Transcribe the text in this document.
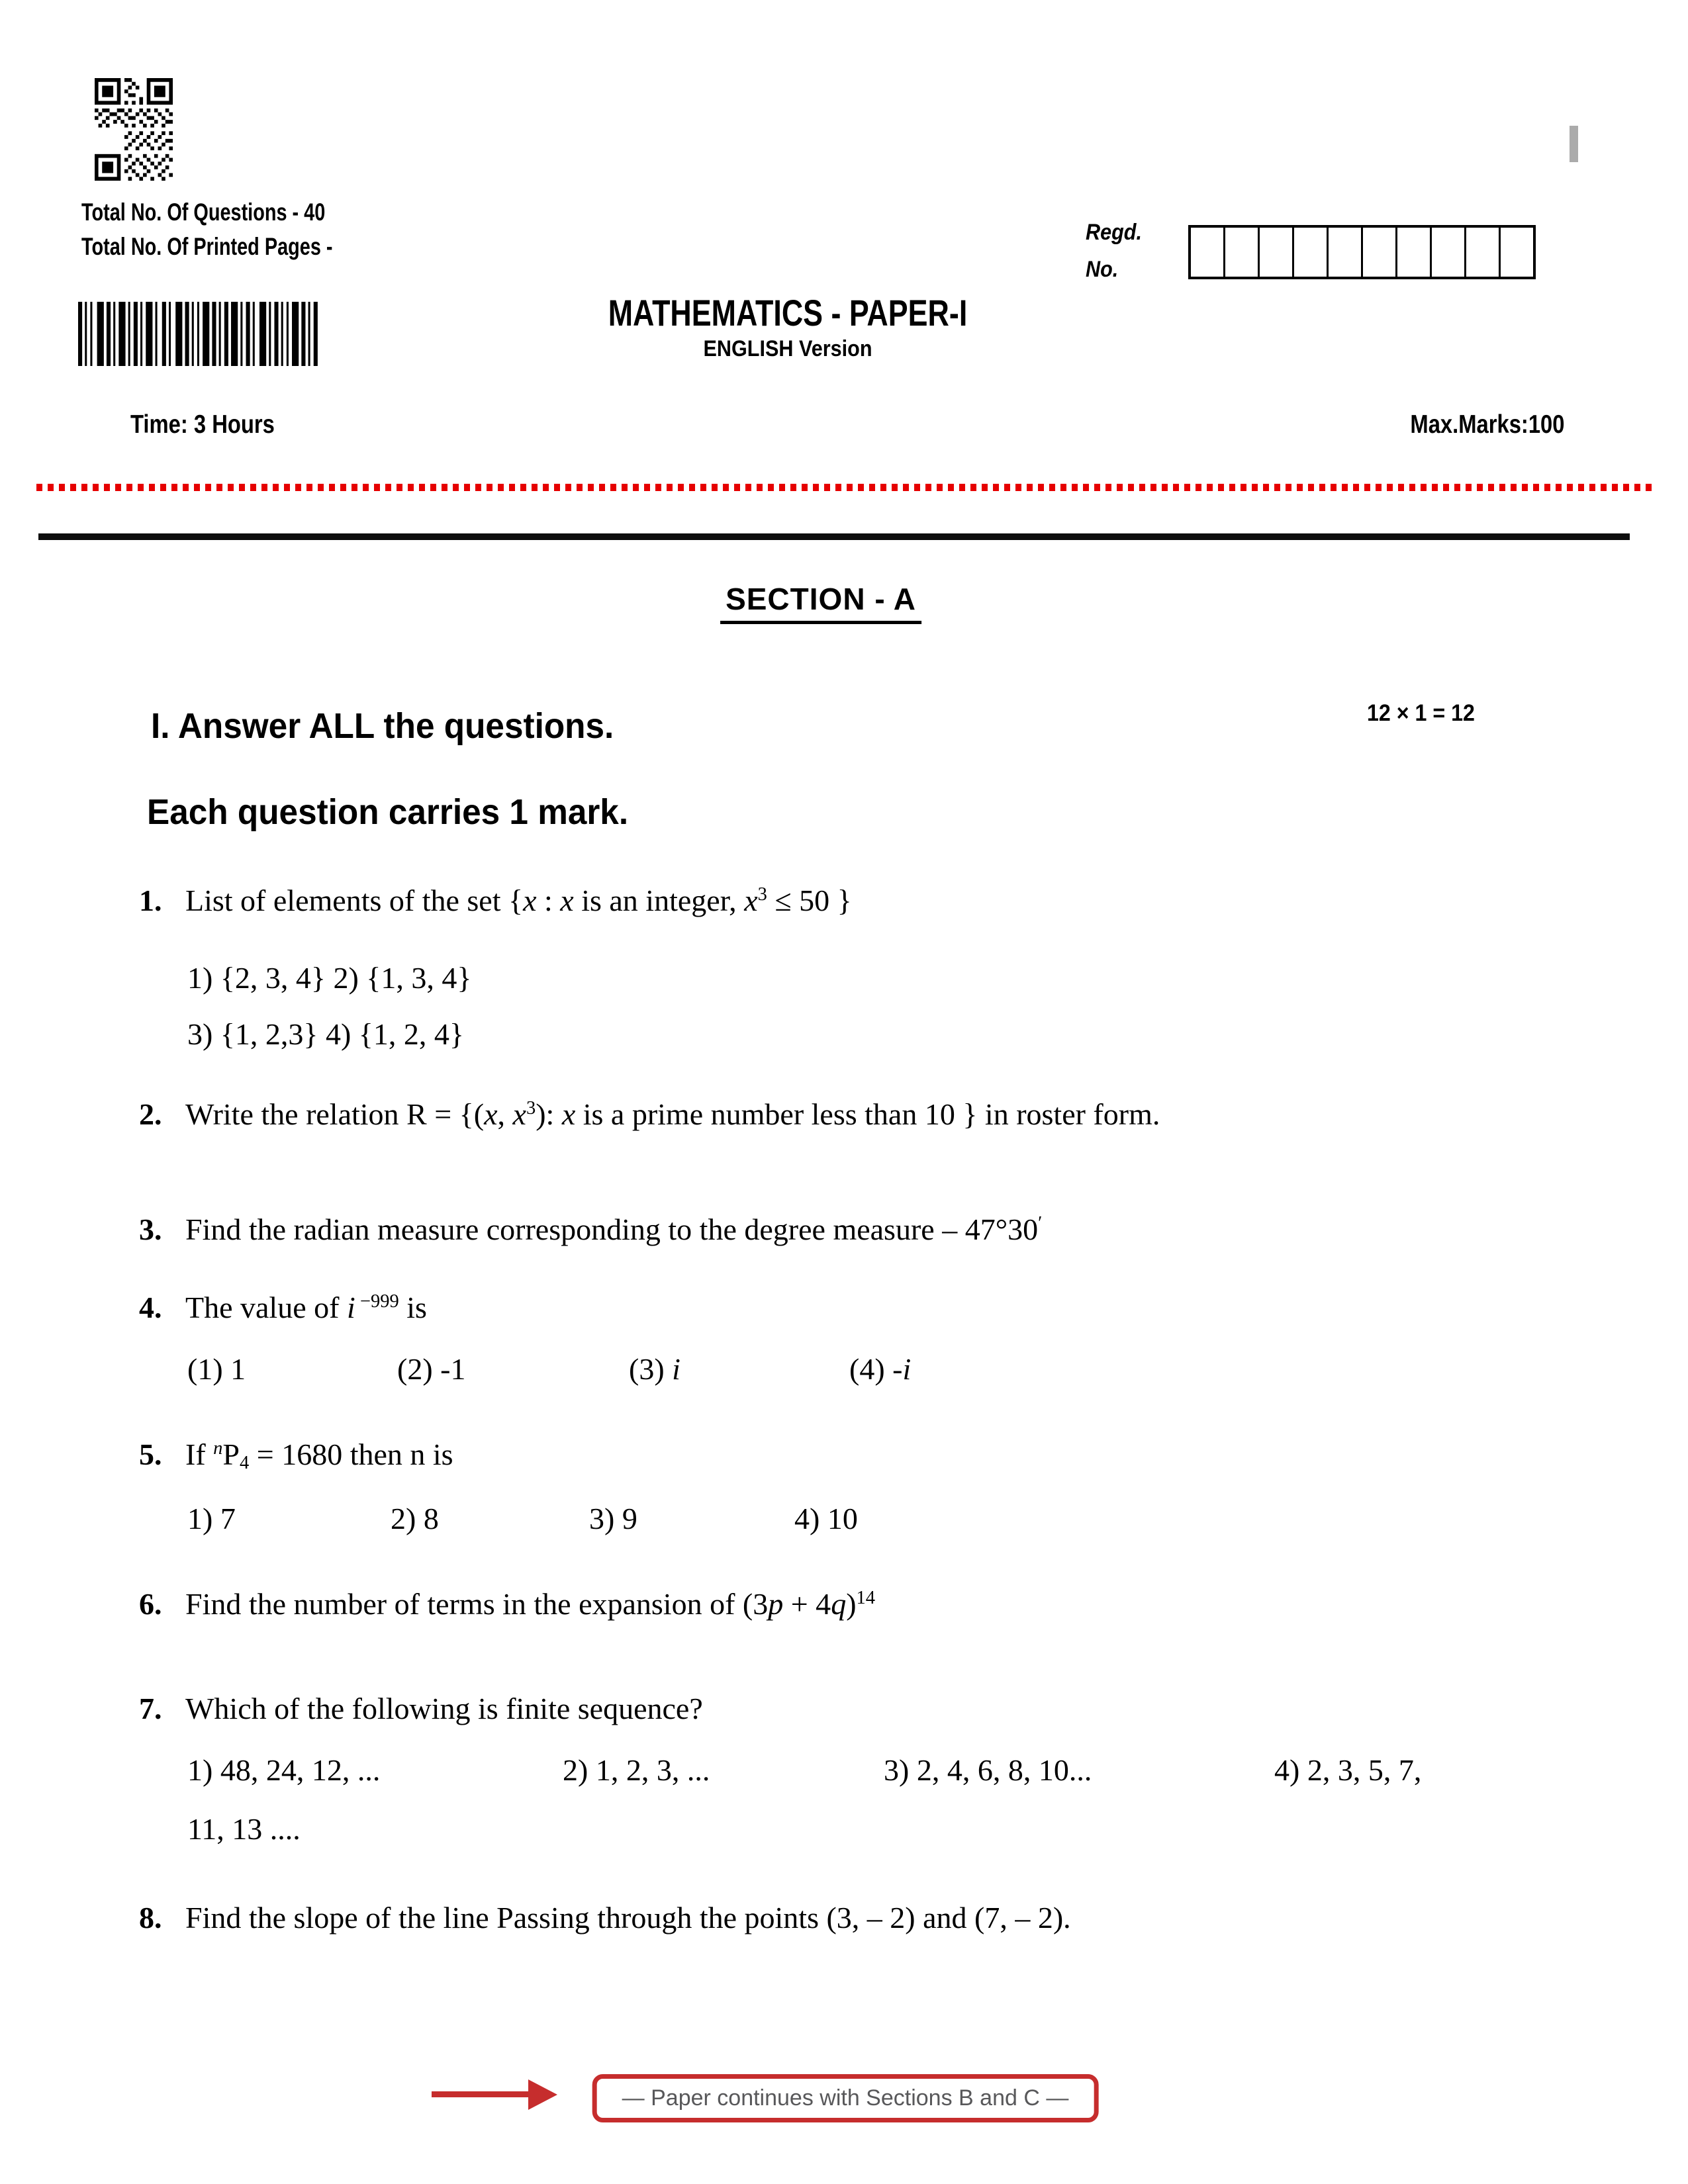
Total No. Of Questions - 40
Total No. Of Printed Pages -
MATHEMATICS - PAPER-I
ENGLISH Version
Regd.
No.
Time: 3 Hours	Max.Marks:100
SECTION - A
12 × 1 = 12
I. Answer ALL the questions.
Each question carries 1 mark.
1. List of elements of the set {x : x is an integer, $x^3 \le 50$ }
1) {2, 3, 4} 2) {1, 3, 4}
3) {1, 2,3} 4) {1, 2, 4}
2. Write the relation R = {(x, $x^3$): x is a prime number less than 10 } in roster form.
3. Find the radian measure corresponding to the degree measure – 47°30′
4. The value of i $^{-999}$ is
(1) 1	(2) -1	(3) i	(4) -i
5. If $^n$P4 = 1680 then n is
1) 7	2) 8	3) 9	4) 10
6. Find the number of terms in the expansion of $(3p + 4q)^{14}$
7. Which of the following is finite sequence?
1) 48, 24, 12, ...	2) 1, 2, 3, ...	3) 2, 4, 6, 8, 10...	4) 2, 3, 5, 7,
11, 13 ....
8. Find the slope of the line Passing through the points (3, – 2) and (7, – 2).
— Paper continues with Sections B and C —
